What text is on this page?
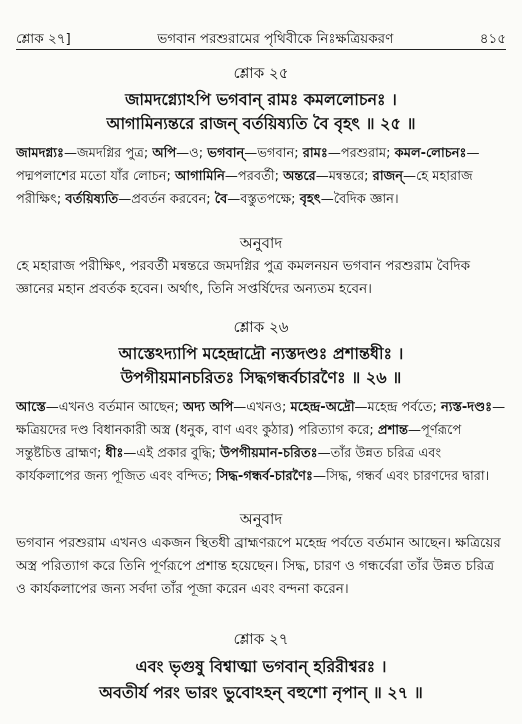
শ্লোক ২৭]	ভগবান পরশুরামের পৃথিবীকে নিঃক্ষত্রিয়করণ	৪১৫
শ্লোক ২৫
জামদগ্ন্যোঽপি ভগবান্ রামঃ কমললোচনঃ ।
আগামিন্যন্তরে রাজন্ বর্তয়িষ্যতি বৈ বৃহৎ ॥ ২৫ ॥
জামদগ্ন্যঃ—জমদগ্নির পুত্র; অপি—ও; ভগবান্—ভগবান; রামঃ—পরশুরাম; কমল-লোচনঃ—পদ্মপলাশের মতো যাঁর লোচন; আগামিনি—পরবর্তী; অন্তরে—মন্বন্তরে; রাজন্—হে মহারাজ পরীক্ষিৎ; বর্তয়িষ্যতি—প্রবর্তন করবেন; বৈ—বস্তুতপক্ষে; বৃহৎ—বৈদিক জ্ঞান।
অনুবাদ
হে মহারাজ পরীক্ষিৎ, পরবর্তী মন্বন্তরে জমদগ্নির পুত্র কমলনয়ন ভগবান পরশুরাম বৈদিক জ্ঞানের মহান প্রবর্তক হবেন। অর্থাৎ, তিনি সপ্তর্ষিদের অন্যতম হবেন।
শ্লোক ২৬
আস্তেঽদ্যাপি মহেন্দ্রাদ্রৌ ন্যস্তদণ্ডঃ প্রশান্তধীঃ ।
উপগীয়মানচরিতঃ সিদ্ধগন্ধর্বচারণৈঃ ॥ ২৬ ॥
আস্তে—এখনও বর্তমান আছেন; অদ্য অপি—এখনও; মহেন্দ্র-অদ্রৌ—মহেন্দ্র পর্বতে; ন্যস্ত-দণ্ডঃ—ক্ষত্রিয়দের দণ্ড বিধানকারী অস্ত্র (ধনুক, বাণ এবং কুঠার) পরিত্যাগ করে; প্রশান্ত—পূর্ণরূপে সন্তুষ্টচিত্ত ব্রাহ্মণ; ধীঃ—এই প্রকার বুদ্ধি; উপগীয়মান-চরিতঃ—তাঁর উন্নত চরিত্র এবং কার্যকলাপের জন্য পূজিত এবং বন্দিত; সিদ্ধ-গন্ধর্ব-চারণৈঃ—সিদ্ধ, গন্ধর্ব এবং চারণদের দ্বারা।
অনুবাদ
ভগবান পরশুরাম এখনও একজন স্থিতধী ব্রাহ্মণরূপে মহেন্দ্র পর্বতে বর্তমান আছেন। ক্ষত্রিয়ের অস্ত্র পরিত্যাগ করে তিনি পূর্ণরূপে প্রশান্ত হয়েছেন। সিদ্ধ, চারণ ও গন্ধর্বেরা তাঁর উন্নত চরিত্র ও কার্যকলাপের জন্য সর্বদা তাঁর পূজা করেন এবং বন্দনা করেন।
শ্লোক ২৭
এবং ভৃগুষু বিশ্বাত্মা ভগবান্ হরিরীশ্বরঃ ।
অবতীর্য পরং ভারং ভুবোঽহন্ বহুশো নৃপান্ ॥ ২৭ ॥
